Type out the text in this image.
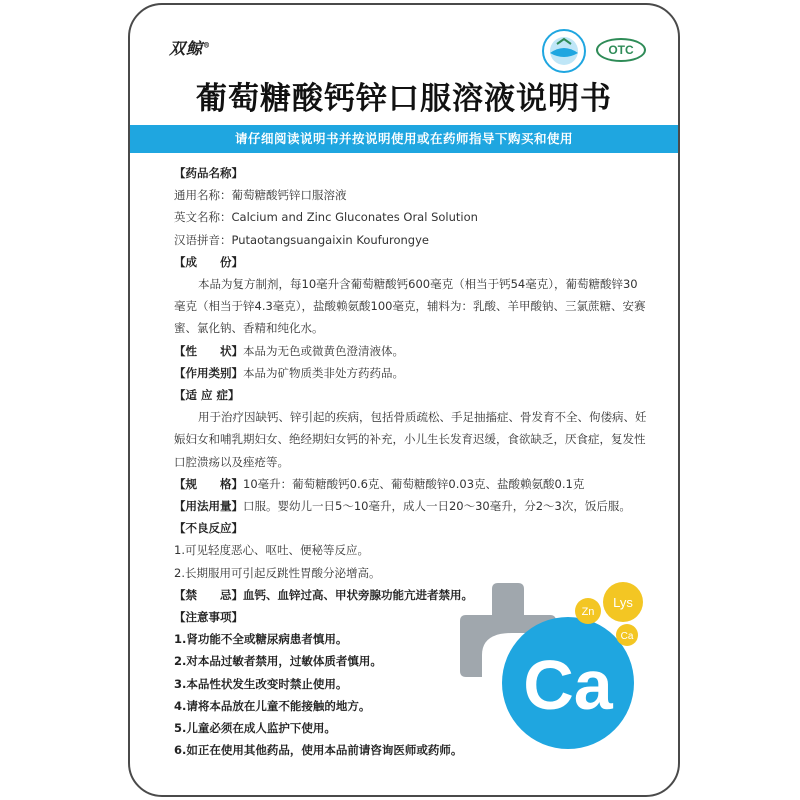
双鲸®	OTC
葡萄糖酸钙锌口服溶液说明书
请仔细阅读说明书并按说明使用或在药师指导下购买和使用
【药品名称】
通用名称：葡萄糖酸钙锌口服溶液
英文名称：Calcium and Zinc Gluconates Oral Solution
汉语拼音：Putaotangsuangaixin Koufurongye
【成　　份】
本品为复方制剂，每10毫升含葡萄糖酸钙600毫克（相当于钙54毫克），葡萄糖酸锌30毫克（相当于锌4.3毫克），盐酸赖氨酸100毫克，辅料为：乳酸、羊甲酸钠、三氯蔗糖、安赛蜜、氯化钠、香精和纯化水。
【性　　状】本品为无色或微黄色澄清液体。
【作用类别】本品为矿物质类非处方药药品。
【适 应 症】
用于治疗因缺钙、锌引起的疾病，包括骨质疏松、手足抽搐症、骨发育不全、佝偻病、妊娠妇女和哺乳期妇女、绝经期妇女钙的补充，小儿生长发育迟缓，食欲缺乏，厌食症，复发性口腔溃疡以及痤疮等。
【规　　格】10毫升：葡萄糖酸钙0.6克、葡萄糖酸锌0.03克、盐酸赖氨酸0.1克
【用法用量】口服。婴幼儿一日5～10毫升，成人一日20～30毫升，分2～3次，饭后服。
【不良反应】
1.可见轻度恶心、呕吐、便秘等反应。
2.长期服用可引起反跳性胃酸分泌增高。
【禁　　忌】血钙、血锌过高、甲状旁腺功能亢进者禁用。
【注意事项】
1.肾功能不全或糖尿病患者慎用。
2.对本品过敏者禁用，过敏体质者慎用。
3.本品性状发生改变时禁止使用。
4.请将本品放在儿童不能接触的地方。
5.儿童必须在成人监护下使用。
6.如正在使用其他药品，使用本品前请咨询医师或药师。
Ca
Lys
Zn
Ca
